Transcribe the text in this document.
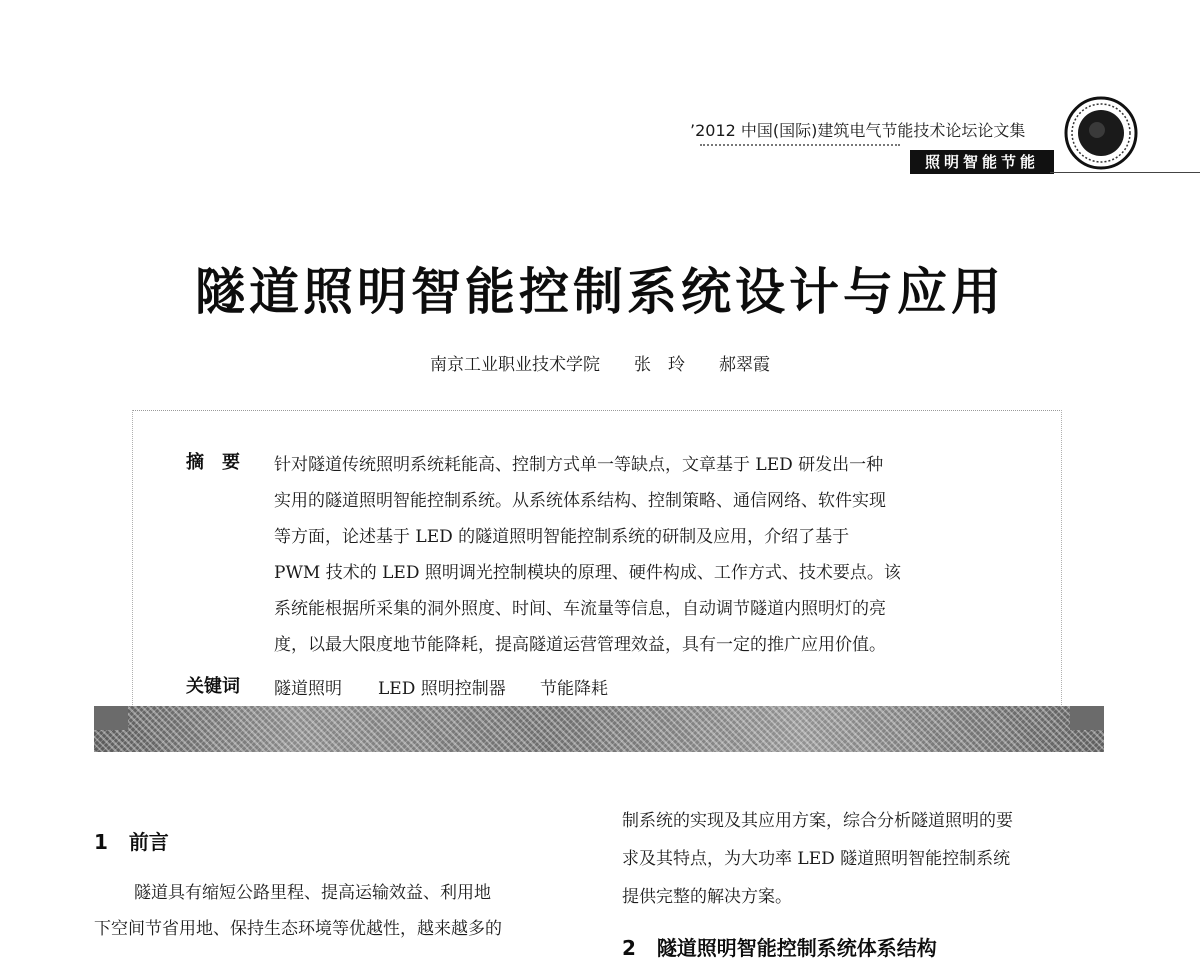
’2012 中国(国际)建筑电气节能技术论坛论文集
照明智能节能
隧道照明智能控制系统设计与应用
南京工业职业技术学院　　 张　玲　　 郝翠霞
摘　要 针对隧道传统照明系统耗能高、控制方式单一等缺点，文章基于 LED 研发出一种
实用的隧道照明智能控制系统。从系统体系结构、控制策略、通信网络、软件实现
等方面，论述基于 LED 的隧道照明智能控制系统的研制及应用，介绍了基于
PWM 技术的 LED 照明调光控制模块的原理、硬件构成、工作方式、技术要点。该
系统能根据所采集的洞外照度、时间、车流量等信息，自动调节隧道内照明灯的亮
度，以最大限度地节能降耗，提高隧道运营管理效益，具有一定的推广应用价值。
关键词 隧道照明 LED 照明控制器 节能降耗
1 前言
隧道具有缩短公路里程、提高运输效益、利用地
下空间节省用地、保持生态环境等优越性，越来越多的
制系统的实现及其应用方案，综合分析隧道照明的要
求及其特点，为大功率 LED 隧道照明智能控制系统
提供完整的解决方案。
2 隧道照明智能控制系统体系结构
